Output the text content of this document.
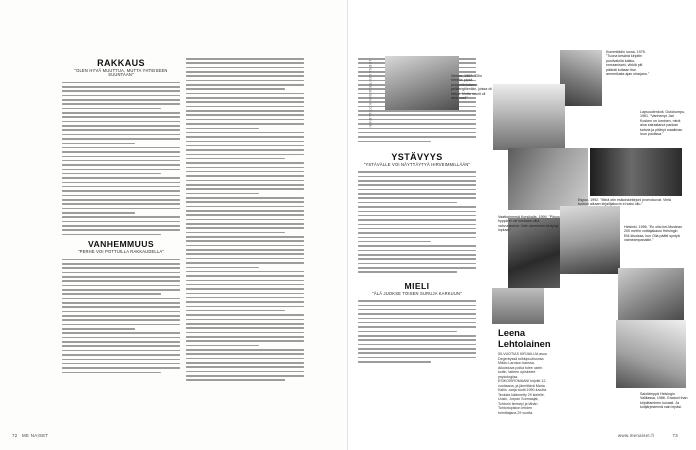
RAKKAUS
"OLEN HYVÄ MUUTTUA, MUTTA YHTEISEEN SUUNTAAN"
VANHEMMUUS
"PERHE VOI POTTUILLA RAKKAUDELLA"
72 ME NAISET
YSTÄVYYS
"YSTÄVÄLLE VOI NÄYTTÄYTYÄ HIRVEIMMILLÄÄN"
MIELI
"ÄLÄ JUOKSE TOISEN SURUJA KARKUUN"
LEENA LEHTOLAISEN KOTIALBUMI	Veemu, 1967. "Olin hirveän pipsä purupeitolaisena pelikengillenikin, joissa oli fritsut. Mutta naurit oli aina uusi!"
Kummitädin luona, 1975. "Tuona kesänä kirjoitin puolivalolla kakku-romaanisani, vihkiä piti päästä kotiaan itse ammeilusta ajan sharjanu."
Lapsuudenkoti, Outokumpu, 1961. "Vanhempi Jari Kosken on luminen, minä aina sairastanut pankan kahvia ja pitänyt maailman luun puolissa."
Vaatturinensä Korsikalla, 1999. "Pituus hyppä ei ole koskaan ollut vahvuuksieni. Olen ainemmin kertynyt lopkaa."
Espoo, 1992. "Minä otin esikoiskekirjoni promokuvat. Vielä tuohon aikaan kirjailijakuvin ei saisi ollu."
Helsinki, 1996. "En olisi kei-Mustean 200 metrin voittajakausi Helsingin EM-kisoissa, kun Olia päätti syntyä vaimeampanakin."
Salolämppä Helsingin Vallilassa, 1986. Graduni ihan kirjoittaminen kovasti. Ja kotijärjestelmä vain lepäsi.
Leena
Lehtolainen
55-VUOTIAS KIRJAILIJA asuu Degerbyssä tulkkipuolisonsa Mikko Larosun kanssa. Aikuistuva poika tulee usein kotiin, taiteen opiskelee psykologiaa. ESIKOISROMAANI kirjoitti 12-vuotiaana, ja jännittävä Maria Kallio -sarja tuotti 1990-luvulla. Teoksia käännetty 29 kielelle. Uusin, Jorpan Surmaajat, Tohtorin ilmestyi ja tähän Tohtoriopiston lehden toimittajana 29 vuotta.
www.menaiset.fi	73
